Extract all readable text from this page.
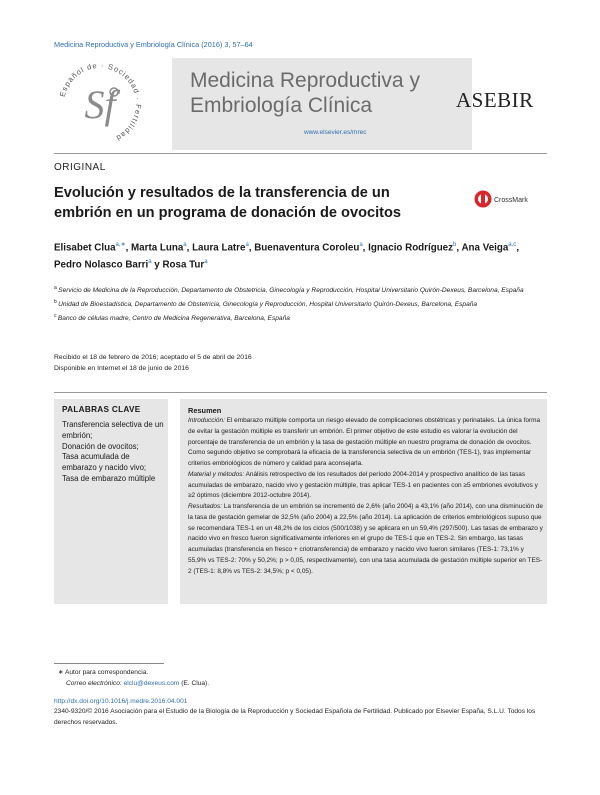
Medicina Reproductiva y Embriología Clínica (2016) 3, 57–64
Español de · Sociedad · Fertilidad
Sf
Medicina Reproductiva y
Embriología Clínica
www.elsevier.es/mrec
ASEBIR
ORIGINAL
Evolución y resultados de la transferencia de un embrión en un programa de donación de ovocitos
CrossMark
Elisabet Clua$^{a,∗}$, Marta Luna$^a$, Laura Latre$^a$, Buenaventura Coroleu$^a$, Ignacio Rodríguez$^b$, Ana Veiga$^{a,c}$, Pedro Nolasco Barri$^a$ y Rosa Tur$^a$
$^a$ Servicio de Medicina de la Reproducción, Departamento de Obstetricia, Ginecología y Reproducción, Hospital Universitario Quirón-Dexeus, Barcelona, España
$^b$ Unidad de Bioestadística, Departamento de Obstetricia, Ginecología y Reproducción, Hospital Universitario Quirón-Dexeus, Barcelona, España
$^c$ Banco de células madre, Centro de Medicina Regenerativa, Barcelona, España
Recibido el 18 de febrero de 2016; aceptado el 5 de abril de 2016
Disponible en Internet el 18 de junio de 2016
PALABRAS CLAVE
Transferencia selectiva de un embrión;
Donación de ovocitos;
Tasa acumulada de embarazo y nacido vivo;
Tasa de embarazo múltiple
Resumen

Introducción: El embarazo múltiple comporta un riesgo elevado de complicaciones obstétricas y perinatales. La única forma de evitar la gestación múltiple es transferir un embrión. El primer objetivo de este estudio es valorar la evolución del porcentaje de transferencia de un embrión y la tasa de gestación múltiple en nuestro programa de donación de ovocitos. Como segundo objetivo se comprobará la eficacia de la transferencia selectiva de un embrión (TES-1), tras implementar criterios embriológicos de número y calidad para aconsejarla.

Material y métodos: Análisis retrospectivo de los resultados del período 2004-2014 y prospectivo analítico de las tasas acumuladas de embarazo, nacido vivo y gestación múltiple, tras aplicar TES-1 en pacientes con ≥5 embriones evolutivos y ≥2 óptimos (diciembre 2012-octubre 2014).

Resultados: La transferencia de un embrión se incrementó de 2,6% (año 2004) a 43,1% (año 2014), con una disminución de la tasa de gestación gemelar de 32,5% (año 2004) a 22,5% (año 2014). La aplicación de criterios embriológicos supuso que se recomendara TES-1 en un 48,2% de los ciclos (500/1038) y se aplicara en un 59,4% (297/500). Las tasas de embarazo y nacido vivo en fresco fueron significativamente inferiores en el grupo de TES-1 que en TES-2. Sin embargo, las tasas acumuladas (transferencia en fresco + criotransferencia) de embarazo y nacido vivo fueron similares (TES-1: 73,1% y 55,9% vs TES-2: 70% y 50,2%; p > 0,05, respectivamente), con una tasa acumulada de gestación múltiple superior en TES-2 (TES-1: 8,8% vs TES-2: 34,5%; p < 0,05).

∗ Autor para correspondencia.
Correo electrónico: elclu@dexeus.com (E. Clua).
http://dx.doi.org/10.1016/j.medre.2016.04.001
2340-9320/© 2016 Asociación para el Estudio de la Biología de la Reproducción y Sociedad Española de Fertilidad. Publicado por Elsevier España, S.L.U. Todos los derechos reservados.
